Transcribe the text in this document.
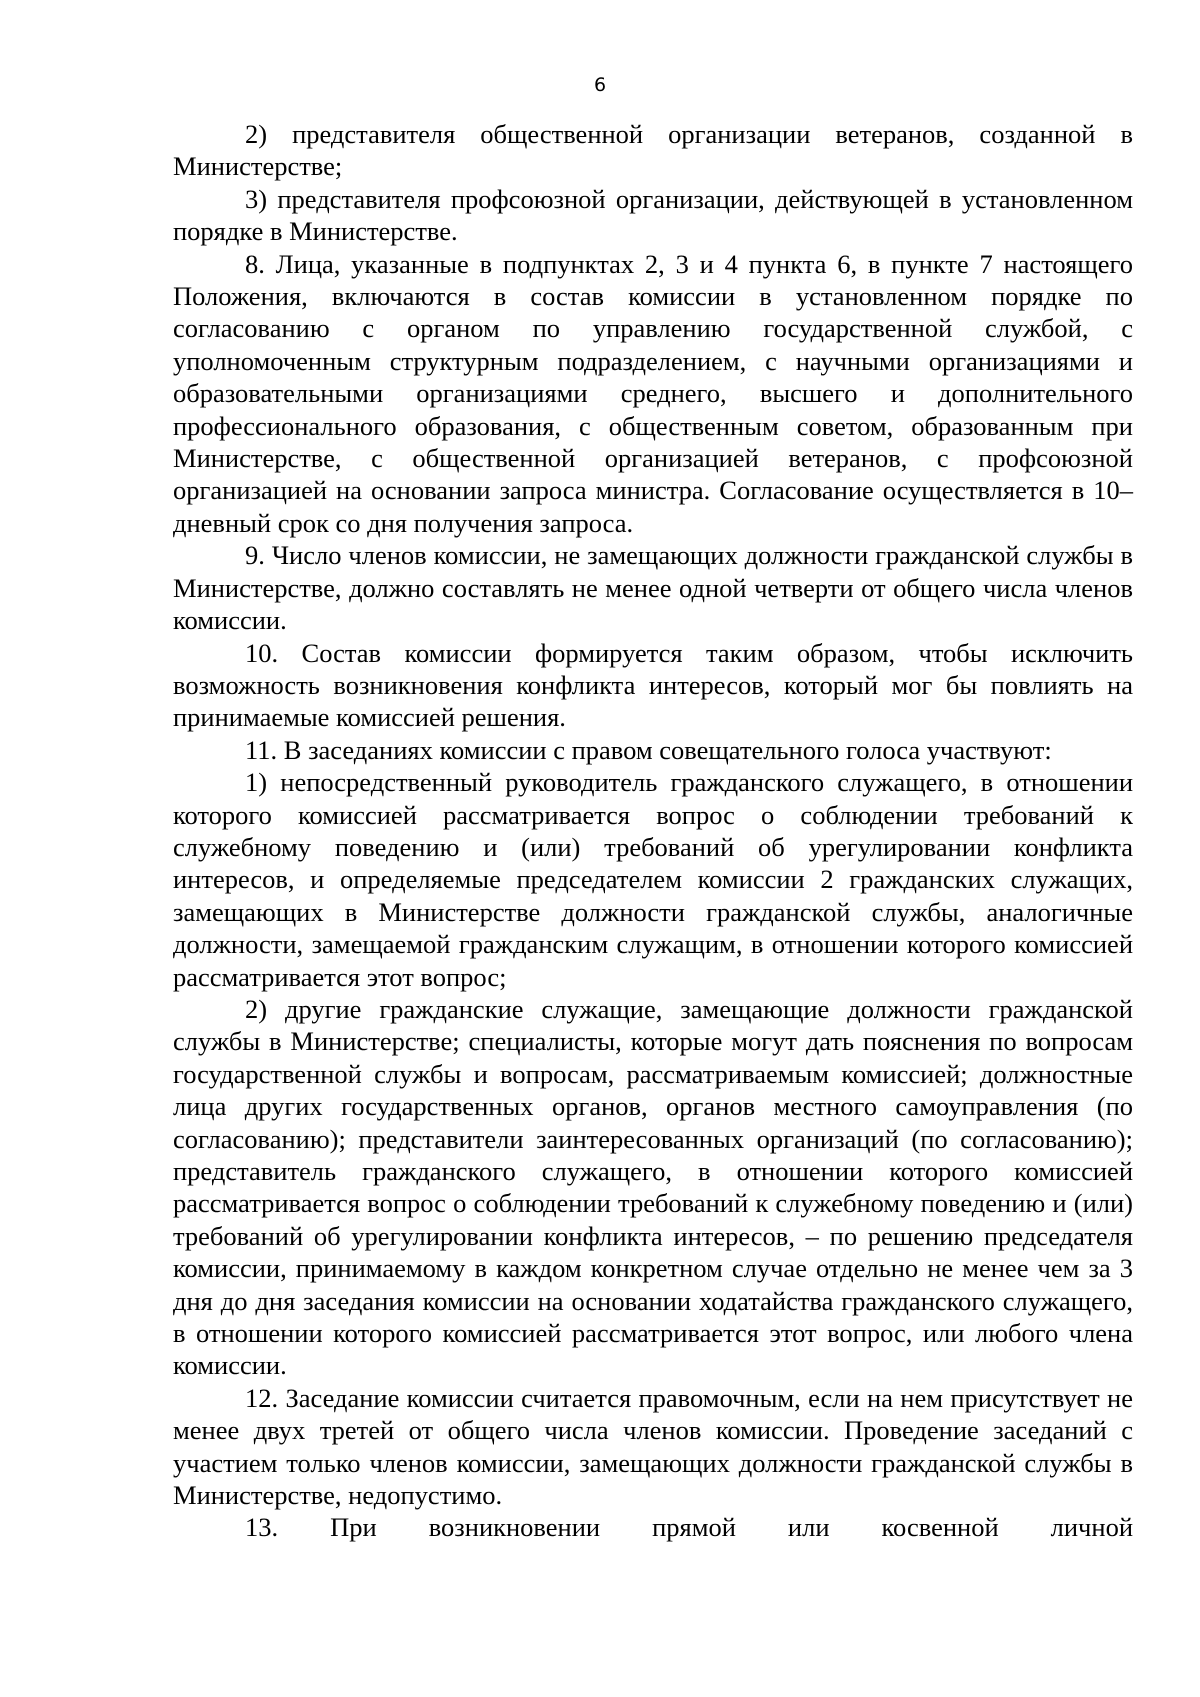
6

2) представителя общественной организации ветеранов, созданной в Министерстве;

3) представителя профсоюзной организации, действующей в установленном порядке в Министерстве.

8. Лица, указанные в подпунктах 2, 3 и 4 пункта 6, в пункте 7 настоящего Положения, включаются в состав комиссии в установленном порядке по согласованию с органом по управлению государственной службой, с уполномоченным структурным подразделением, с научными организациями и образовательными организациями среднего, высшего и дополнительного профессионального образования, с общественным советом, образованным при Министерстве, с общественной организацией ветеранов, с профсоюзной организацией на основании запроса министра. Согласование осуществляется в 10–дневный срок со дня получения запроса.

9. Число членов комиссии, не замещающих должности гражданской службы в Министерстве, должно составлять не менее одной четверти от общего числа членов комиссии.

10. Состав комиссии формируется таким образом, чтобы исключить возможность возникновения конфликта интересов, который мог бы повлиять на принимаемые комиссией решения.

11. В заседаниях комиссии с правом совещательного голоса участвуют:

1) непосредственный руководитель гражданского служащего, в отношении которого комиссией рассматривается вопрос о соблюдении требований к служебному поведению и (или) требований об урегулировании конфликта интересов, и определяемые председателем комиссии 2 гражданских служащих, замещающих в Министерстве должности гражданской службы, аналогичные должности, замещаемой гражданским служащим, в отношении которого комиссией рассматривается этот вопрос;

2) другие гражданские служащие, замещающие должности гражданской службы в Министерстве; специалисты, которые могут дать пояснения по вопросам государственной службы и вопросам, рассматриваемым комиссией; должностные лица других государственных органов, органов местного самоуправления (по согласованию); представители заинтересованных организаций (по согласованию); представитель гражданского служащего, в отношении которого комиссией рассматривается вопрос о соблюдении требований к служебному поведению и (или) требований об урегулировании конфликта интересов, – по решению председателя комиссии, принимаемому в каждом конкретном случае отдельно не менее чем за 3 дня до дня заседания комиссии на основании ходатайства гражданского служащего, в отношении которого комиссией рассматривается этот вопрос, или любого члена комиссии.

12. Заседание комиссии считается правомочным, если на нем присутствует не менее двух третей от общего числа членов комиссии. Проведение заседаний с участием только членов комиссии, замещающих должности гражданской службы в Министерстве, недопустимо.

13. При возникновении прямой или косвенной личной
